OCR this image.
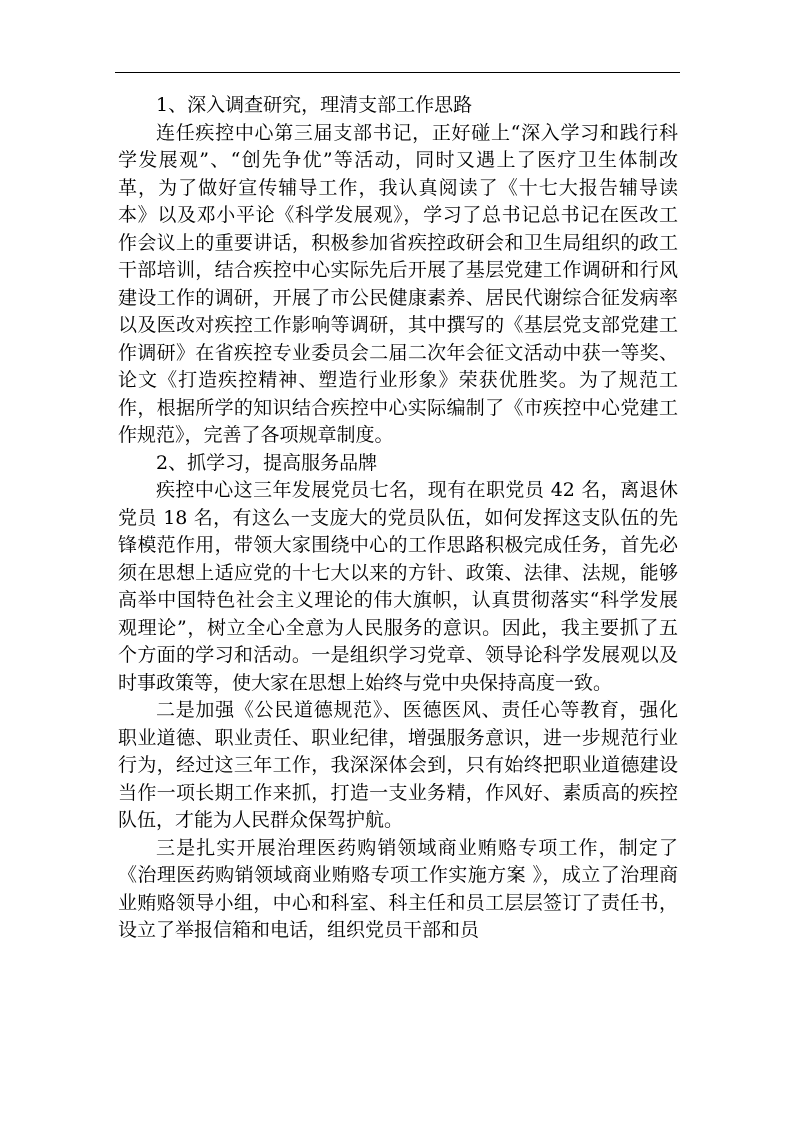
1、深入调查研究，理清支部工作思路

连任疾控中心第三届支部书记，正好碰上“深入学习和践行科学发展观”、“创先争优”等活动，同时又遇上了医疗卫生体制改革，为了做好宣传辅导工作，我认真阅读了《十七大报告辅导读本》以及邓小平论《科学发展观》，学习了总书记总书记在医改工作会议上的重要讲话，积极参加省疾控政研会和卫生局组织的政工干部培训，结合疾控中心实际先后开展了基层党建工作调研和行风建设工作的调研，开展了市公民健康素养、居民代谢综合征发病率以及医改对疾控工作影响等调研，其中撰写的《基层党支部党建工作调研》在省疾控专业委员会二届二次年会征文活动中获一等奖、论文《打造疾控精神、塑造行业形象》荣获优胜奖。为了规范工作，根据所学的知识结合疾控中心实际编制了《市疾控中心党建工作规范》，完善了各项规章制度。

2、抓学习，提高服务品牌

疾控中心这三年发展党员七名，现有在职党员 42 名，离退休党员 18 名，有这么一支庞大的党员队伍，如何发挥这支队伍的先锋模范作用，带领大家围绕中心的工作思路积极完成任务，首先必须在思想上适应党的十七大以来的方针、政策、法律、法规，能够高举中国特色社会主义理论的伟大旗帜，认真贯彻落实“科学发展观理论”，树立全心全意为人民服务的意识。因此，我主要抓了五个方面的学习和活动。一是组织学习党章、领导论科学发展观以及时事政策等，使大家在思想上始终与党中央保持高度一致。

二是加强《公民道德规范》、医德医风、责任心等教育，强化职业道德、职业责任、职业纪律，增强服务意识，进一步规范行业行为，经过这三年工作，我深深体会到，只有始终把职业道德建设当作一项长期工作来抓，打造一支业务精，作风好、素质高的疾控队伍，才能为人民群众保驾护航。

三是扎实开展治理医药购销领域商业贿赂专项工作，制定了《治理医药购销领域商业贿赂专项工作实施方案 》，成立了治理商业贿赂领导小组，中心和科室、科主任和员工层层签订了责任书，设立了举报信箱和电话，组织党员干部和员
